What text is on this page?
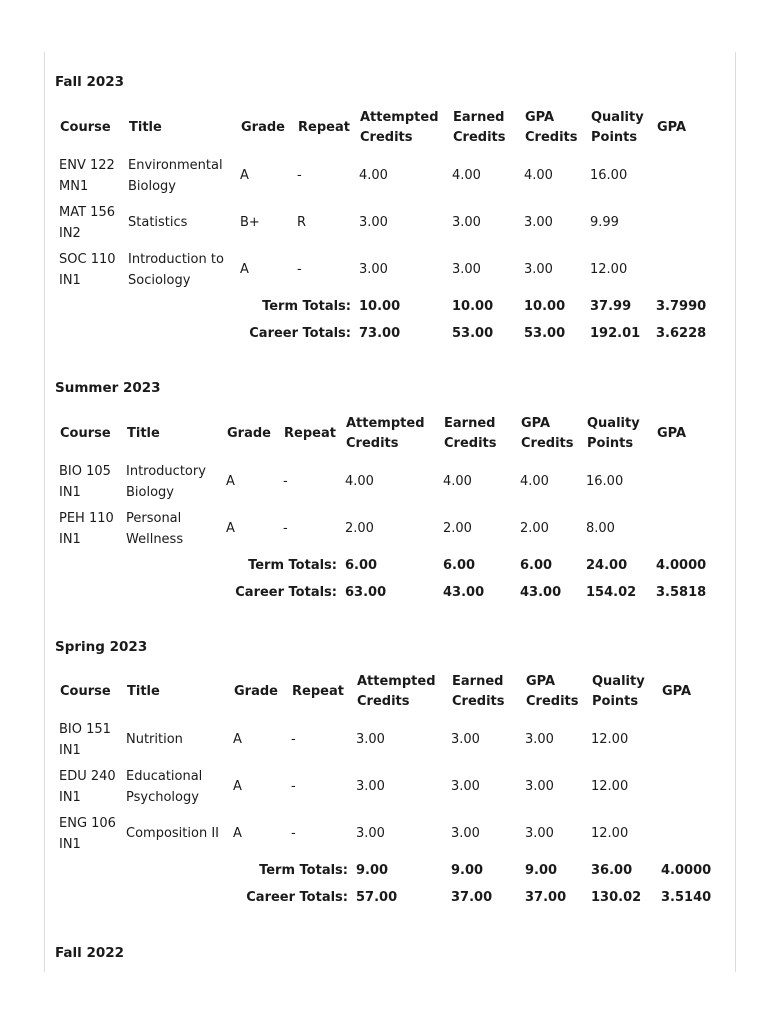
Fall 2023
Course	Title	Grade	Repeat	Attempted Credits	Earned Credits	GPA Credits	Quality Points	GPA
ENV 122 MN1	Environmental Biology	A	-	4.00	4.00	4.00	16.00	
MAT 156 IN2	Statistics	B+	R	3.00	3.00	3.00	9.99	
SOC 110 IN1	Introduction to Sociology	A	-	3.00	3.00	3.00	12.00	
Term Totals:				10.00	10.00	10.00	37.99	3.7990
Career Totals:				73.00	53.00	53.00	192.01	3.6228
Summer 2023
Course	Title	Grade	Repeat	Attempted Credits	Earned Credits	GPA Credits	Quality Points	GPA
BIO 105 IN1	Introductory Biology	A	-	4.00	4.00	4.00	16.00	
PEH 110 IN1	Personal Wellness	A	-	2.00	2.00	2.00	8.00	
Term Totals:				6.00	6.00	6.00	24.00	4.0000
Career Totals:				63.00	43.00	43.00	154.02	3.5818
Spring 2023
Course	Title	Grade	Repeat	Attempted Credits	Earned Credits	GPA Credits	Quality Points	GPA
BIO 151 IN1	Nutrition	A	-	3.00	3.00	3.00	12.00	
EDU 240 IN1	Educational Psychology	A	-	3.00	3.00	3.00	12.00	
ENG 106 IN1	Composition II	A	-	3.00	3.00	3.00	12.00	
Term Totals:				9.00	9.00	9.00	36.00	4.0000
Career Totals:				57.00	37.00	37.00	130.02	3.5140
Fall 2022
